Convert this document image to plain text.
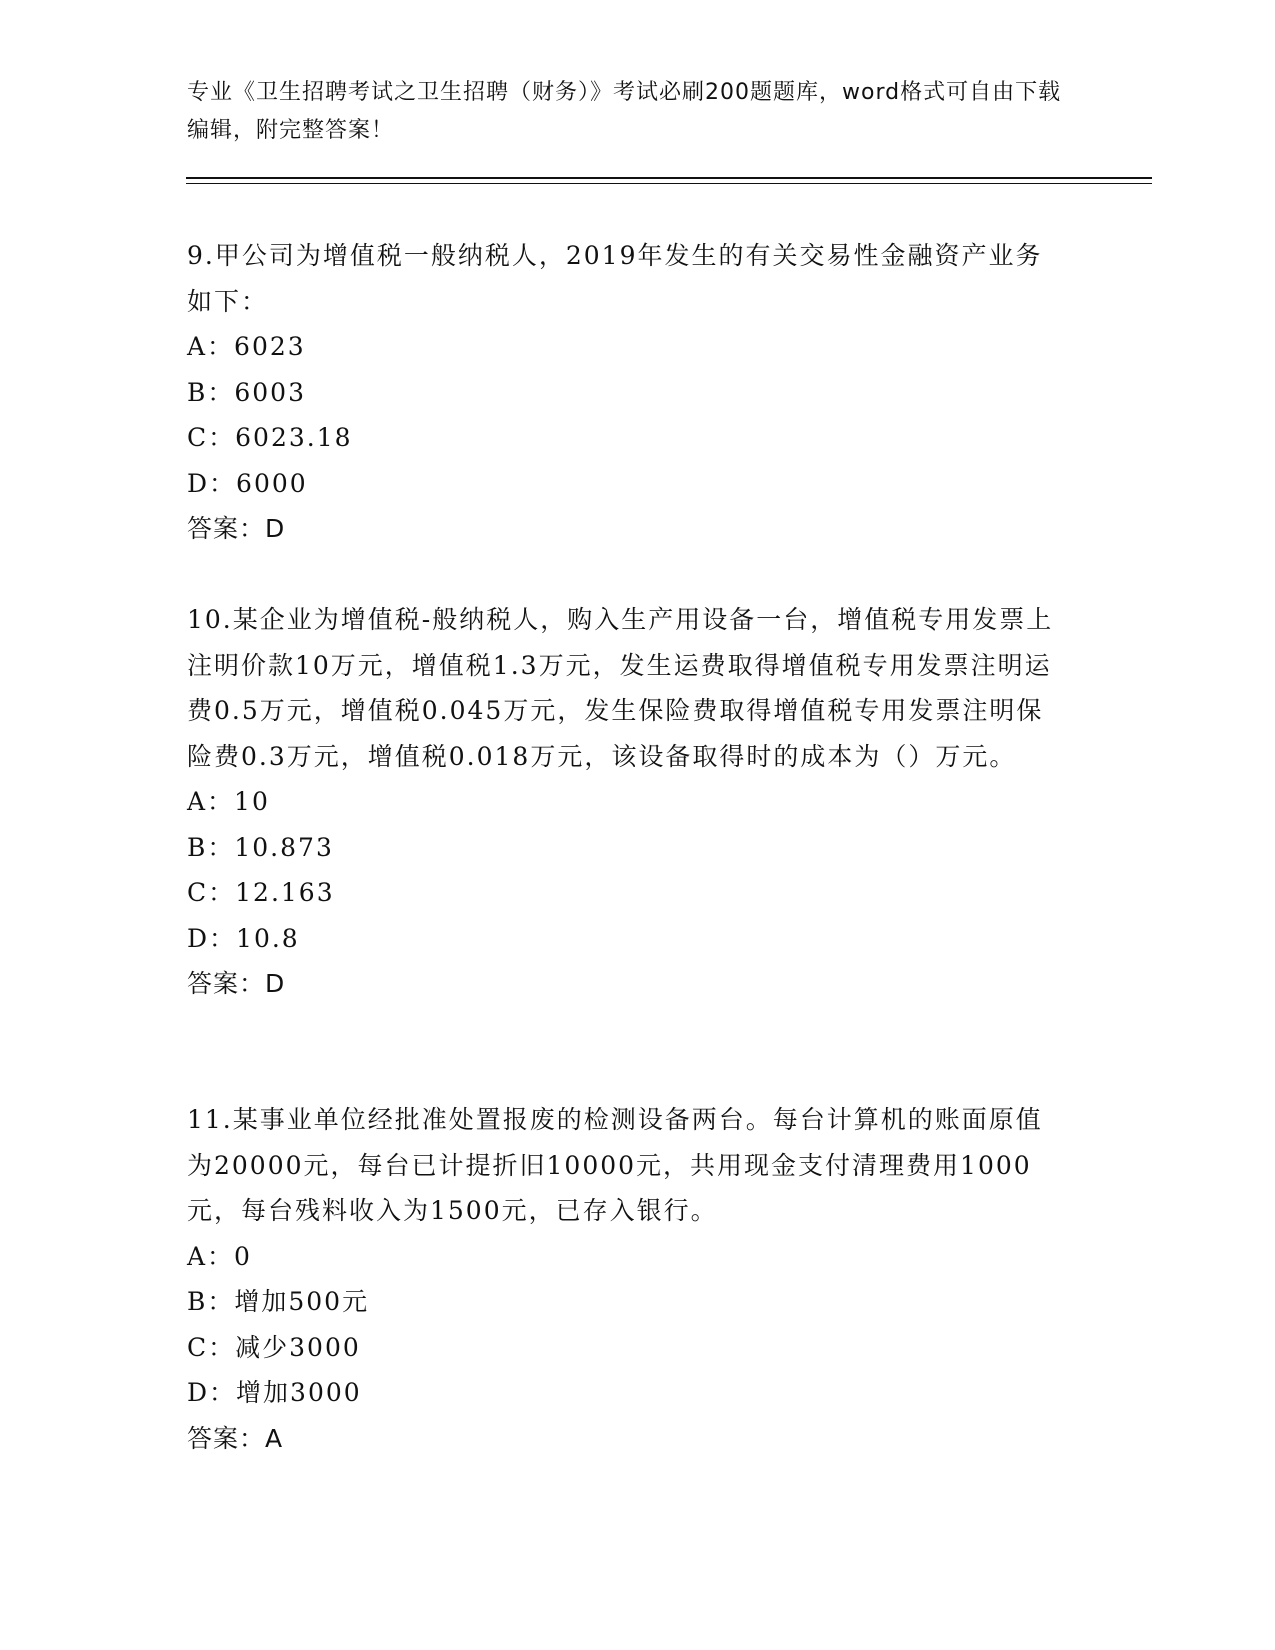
专业《卫生招聘考试之卫生招聘（财务）》考试必刷200题题库，word格式可自由下载编辑，附完整答案！

9.甲公司为增值税一般纳税人，2019年发生的有关交易性金融资产业务如下：

A：6023

B：6003

C：6023.18

D：6000

答案：D

10.某企业为增值税-般纳税人，购入生产用设备一台，增值税专用发票上注明价款10万元，增值税1.3万元，发生运费取得增值税专用发票注明运费0.5万元，增值税0.045万元，发生保险费取得增值税专用发票注明保险费0.3万元，增值税0.018万元，该设备取得时的成本为（）万元。

A：10

B：10.873

C：12.163

D：10.8

答案：D

11.某事业单位经批准处置报废的检测设备两台。每台计算机的账面原值为20000元，每台已计提折旧10000元，共用现金支付清理费用1000元，每台残料收入为1500元，已存入银行。

A：0

B：增加500元

C：减少3000

D：增加3000

答案：A
